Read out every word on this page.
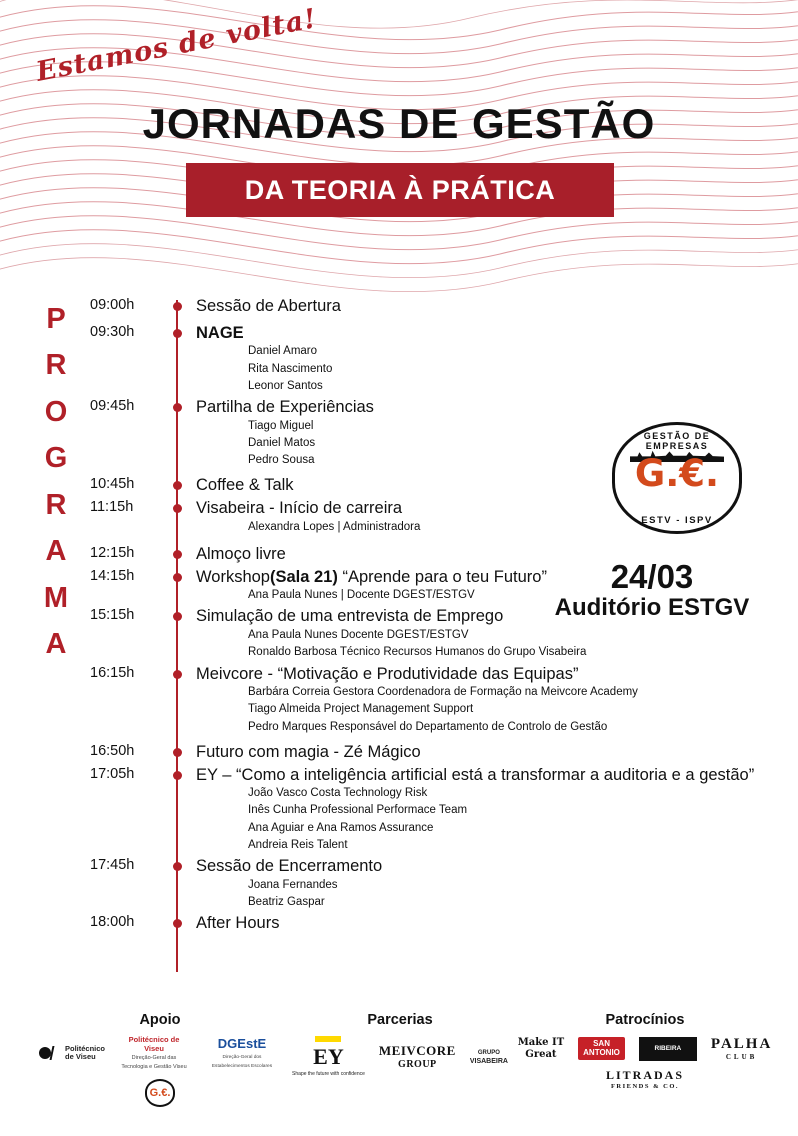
Estamos de volta!
JORNADAS DE GESTÃO
DA TEORIA À PRÁTICA
P
R
O
G
R
A
M
A
09:00h	Sessão de Abertura
09:30h	NAGE
Daniel Amaro
Rita Nascimento
Leonor Santos
09:45h	Partilha de Experiências
Tiago Miguel
Daniel Matos
Pedro Sousa
10:45h	Coffee & Talk
11:15h	Visabeira - Início de carreira
Alexandra Lopes | Administradora
12:15h	Almoço livre
14:15h	Workshop(Sala 21) “Aprende para o teu Futuro”
Ana Paula Nunes | Docente DGEST/ESTGV
15:15h	Simulação de uma entrevista de Emprego
Ana Paula Nunes Docente DGEST/ESTGV
Ronaldo Barbosa Técnico Recursos Humanos do Grupo Visabeira
16:15h	Meivcore - “Motivação e Produtividade das Equipas”
Barbára Correia Gestora Coordenadora de Formação na Meivcore Academy
Tiago Almeida Project Management Support
Pedro Marques Responsável do Departamento de Controlo de Gestão
16:50h	Futuro com magia - Zé Mágico
17:05h	EY – “Como a inteligência artificial está a transformar a auditoria e a gestão”
João Vasco Costa Technology Risk
Inês Cunha Professional Performace Team
Ana Aguiar e Ana Ramos Assurance
Andreia Reis Talent
17:45h	Sessão de Encerramento
Joana Fernandes
Beatriz Gaspar
18:00h	After Hours
GESTÃO DE EMPRESAS
G.€.
ESTV - ISPV
24/03
Auditório ESTGV
Apoio
Politécnico
de Viseu
Politécnico de Viseu
Direção-Geral das Tecnologia e Gestão Viseu
DGEstE
Direção-Geral dos Estabelecimentos Escolares
G.€.
Parcerias
EY
Shape the future with confidence
MEIVCORE
GROUP
GRUPO
VISABEIRA
Patrocínios
Make IT
Great
SAN
ANTONIO	RIBEIRA PALHA
CLUB
LITRADAS
FRIENDS & CO.
